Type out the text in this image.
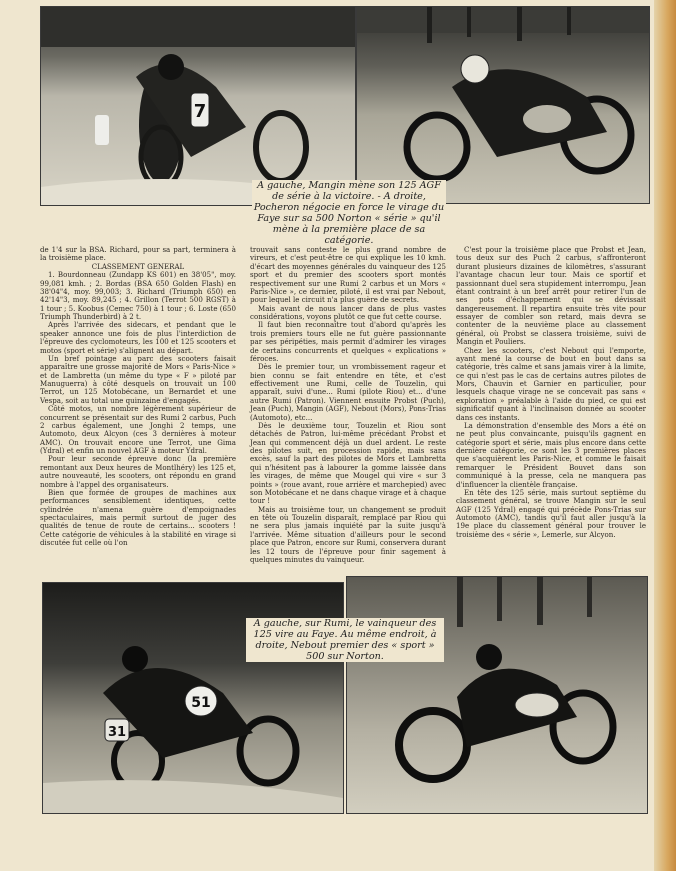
7
A gauche, Mangin mène son 125 AGF de série à la victoire. - A droite, Pocheron négocie en force le virage du Faye sur sa 500 Norton « série » qu'il mène à la première place de sa catégorie.

de 1'4 sur la BSA. Richard, pour sa part, terminera à la troisième place.

CLASSEMENT GENERAL

1. Bourdonneau (Zundapp KS 601) en 38'05", moy. 99,081 kmh. ; 2. Bordas (BSA 650 Golden Flash) en 38'04"4, moy. 99,003; 3. Richard (Triumph 650) en 42'14"3, moy. 89,245 ; 4. Grillon (Terrot 500 RGST) à 1 tour ; 5. Koobus (Cemec 750) à 1 tour ; 6. Loste (650 Triumph Thunderbird) à 2 t.

Après l'arrivée des sidecars, et pendant que le speaker annonce une fois de plus l'interdiction de l'épreuve des cyclomoteurs, les 100 et 125 scooters et motos (sport et série) s'alignent au départ.

Un bref pointage au parc des scooters faisait apparaître une grosse majorité de Mors « Paris-Nice » et de Lambretta (un même du type « F » piloté par Manuguerra) à côté desquels on trouvait un 100 Terrot, un 125 Motobécane, un Bernardet et une Vespa, soit au total une quinzaine d'engagés.

Côté motos, un nombre légèrement supérieur de concurrent se présentait sur des Rumi 2 carbus, Puch 2 carbus également, une Jonghi 2 temps, une Automoto, deux Alcyon (ces 3 dernières à moteur AMC). On trouvait encore une Terrot, une Gima (Ydral) et enfin un nouvel AGF à moteur Ydral.

Pour leur seconde épreuve donc (la première remontant aux Deux heures de Montlhéry) les 125 et, autre nouveauté, les scooters, ont répondu en grand nombre à l'appel des organisateurs.

Bien que formée de groupes de machines aux performances sensiblement identiques, cette cylindrée n'amena guère d'empoignades spectaculaires, mais permit surtout de juger des qualités de tenue de route de certains... scooters ! Cette catégorie de véhicules à la stabilité en virage si discutée fut celle où l'on

trouvait sans conteste le plus grand nombre de vireurs, et c'est peut-être ce qui explique les 10 kmh. d'écart des moyennes générales du vainqueur des 125 sport et du premier des scooters sport montés respectivement sur une Rumi 2 carbus et un Mors « Paris-Nice », ce dernier, piloté, il est vrai par Nebout, pour lequel le circuit n'a plus guère de secrets.

Mais avant de nous lancer dans de plus vastes considérations, voyons plutôt ce que fut cette course.

Il faut bien reconnaître tout d'abord qu'après les trois premiers tours elle ne fut guère passionnante par ses péripéties, mais permit d'admirer les virages de certains concurrents et quelques « explications » féroces.

Dès le premier tour, un vrombissement rageur et bien connu se fait entendre en tête, et c'est effectivement une Rumi, celle de Touzelin, qui apparaît, suivi d'une... Rumi (pilote Riou) et... d'une autre Rumi (Patron). Viennent ensuite Probst (Puch), Jean (Puch), Mangin (AGF), Nebout (Mors), Pons-Trias (Automoto), etc...

Dès le deuxième tour, Touzelin et Riou sont détachés de Patron, lui-même précédant Probst et Jean qui commencent déjà un duel ardent. Le reste des pilotes suit, en procession rapide, mais sans excès, sauf la part des pilotes de Mors et Lambretta qui n'hésitent pas à labourer la gomme laissée dans les virages, de même que Mougel qui vire « sur 3 points » (roue avant, roue arrière et marchepied) avec son Motobécane et ne dans chaque virage et à chaque tour !

Mais au troisième tour, un changement se produit en tête où Touzelin disparaît, remplacé par Riou qui ne sera plus jamais inquiété par la suite jusqu'à l'arrivée. Même situation d'ailleurs pour le second place que Patron, encore sur Rumi, conservera durant les 12 tours de l'épreuve pour finir sagement à quelques minutes du vainqueur.

C'est pour la troisième place que Probst et Jean, tous deux sur des Puch 2 carbus, s'affronteront durant plusieurs dizaines de kilomètres, s'assurant l'avantage chacun leur tour. Mais ce sportif et passionnant duel sera stupidement interrompu, Jean étant contraint à un bref arrêt pour retirer l'un de ses pots d'échappement qui se dévissait dangereusement. Il repartira ensuite très vite pour essayer de combler son retard, mais devra se contenter de la neuvième place au classement général, où Probst se classera troisième, suivi de Mangin et Pouliers.

Chez les scooters, c'est Nebout qui l'emporte, ayant mené la course de bout en bout dans sa catégorie, très calme et sans jamais virer à la limite, ce qui n'est pas le cas de certains autres pilotes de Mors, Chauvin et Garnier en particulier, pour lesquels chaque virage ne se concevait pas sans « exploration » préalable à l'aide du pied, ce qui est significatif quant à l'inclinaison donnée au scooter dans ces instants.

La démonstration d'ensemble des Mors a été on ne peut plus convaincante, puisqu'ils gagnent en catégorie sport et série, mais plus encore dans cette dernière catégorie, ce sont les 3 premières places que s'acquièrent les Paris-Nice, et comme le faisait remarquer le Président Bouvet dans son communiqué à la presse, cela ne manquera pas d'influencer la clientèle française.

En tête des 125 série, mais surtout septième du classement général, se trouve Mangin sur le seul AGF (125 Ydral) engagé qui précède Pons-Trias sur Automoto (AMC), tandis qu'il faut aller jusqu'à la 19e place du classement général pour trouver le troisième des « série », Lemerle, sur Alcyon.

51
31
A gauche, sur Rumi, le vainqueur des 125 vire au Faye. Au même endroit, à droite, Nebout premier des « sport » 500 sur Norton.
